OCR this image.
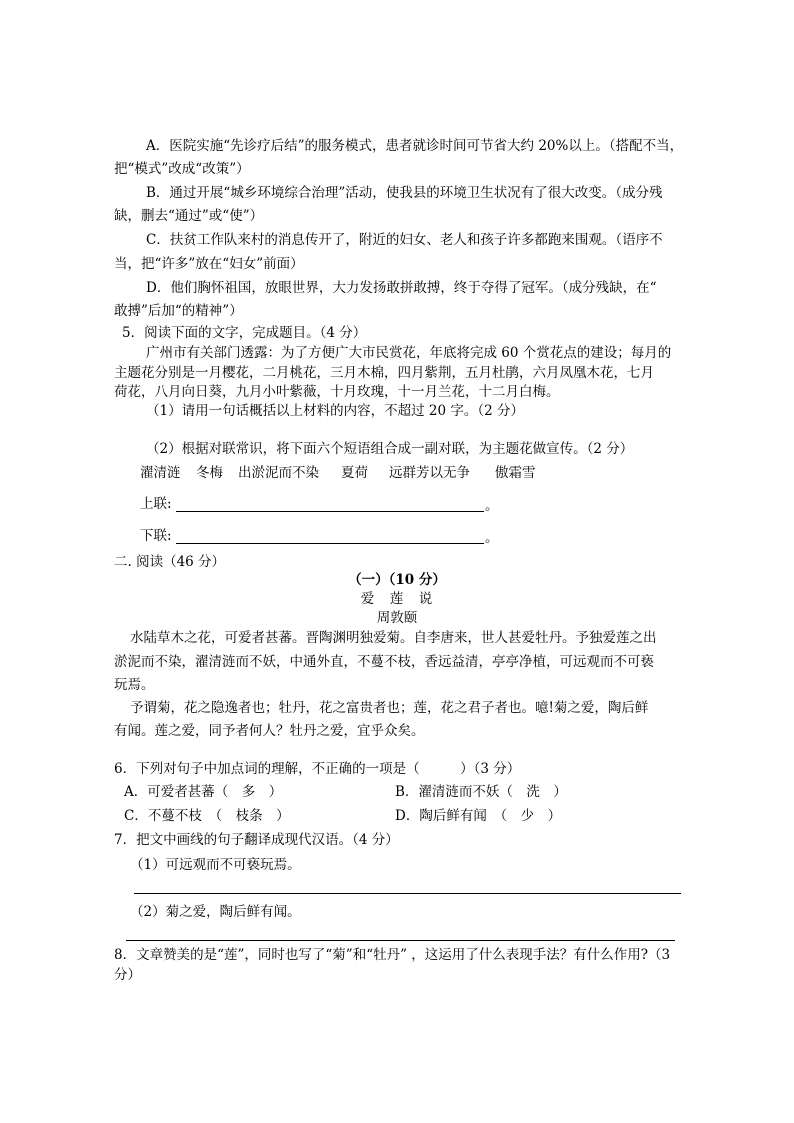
A．医院实施“先诊疗后结”的服务模式，患者就诊时间可节省大约 20%以上。（搭配不当，
把“模式”改成“改策”）
B．通过开展“城乡环境综合治理”活动，使我县的环境卫生状况有了很大改变。（成分残
缺，删去“通过”或“使”）
C．扶贫工作队来村的消息传开了，附近的妇女、老人和孩子许多都跑来围观。（语序不
当，把“许多”放在“妇女”前面）
D．他们胸怀祖国，放眼世界，大力发扬敢拼敢搏，终于夺得了冠军。（成分残缺，在“
敢搏”后加“的精神”）
5．阅读下面的文字，完成题目。（4 分）
广州市有关部门透露：为了方便广大市民赏花，年底将完成 60 个赏花点的建设；每月的
主题花分别是一月樱花，二月桃花，三月木棉，四月紫荆，五月杜鹃，六月凤凰木花，七月
荷花，八月向日葵，九月小叶紫薇，十月玫瑰，十一月兰花，十二月白梅。
（1）请用一句话概括以上材料的内容，不超过 20 字。（2 分）
（2）根据对联常识，将下面六个短语组合成一副对联，为主题花做宣传。（2 分）
濯清涟 冬梅 出淤泥而不染 夏荷 远群芳以无争 傲霜雪
上联:	。
下联:	。
二. 阅读（46 分）
（一）（10 分）
爱　莲　说
周敦颐
水陆草木之花，可爱者甚蕃。晋陶渊明独爱菊。自李唐来，世人甚爱牡丹。予独爱莲之出
淤泥而不染，濯清涟而不妖，中通外直，不蔓不枝，香远益清，亭亭净植，可远观而不可亵
玩焉。
予谓菊，花之隐逸者也；牡丹，花之富贵者也；莲，花之君子者也。噫!菊之爱，陶后鲜
有闻。莲之爱，同予者何人？牡丹之爱，宜乎众矣。
6．下列对句子中加点词的理解，不正确的一项是（　　　）（3 分）
A．可爱者甚蕃（　多　）	B．濯清涟而不妖（　洗　）
C．不蔓不枝　（　枝条　）	D．陶后鲜有闻　（　少　）
7．把文中画线的句子翻译成现代汉语。（4 分）
（1）可远观而不可亵玩焉。
（2）菊之爱，陶后鲜有闻。
8．文章赞美的是“莲”，同时也写了“菊”和“牡丹” ，这运用了什么表现手法？有什么作用?（3
分）
